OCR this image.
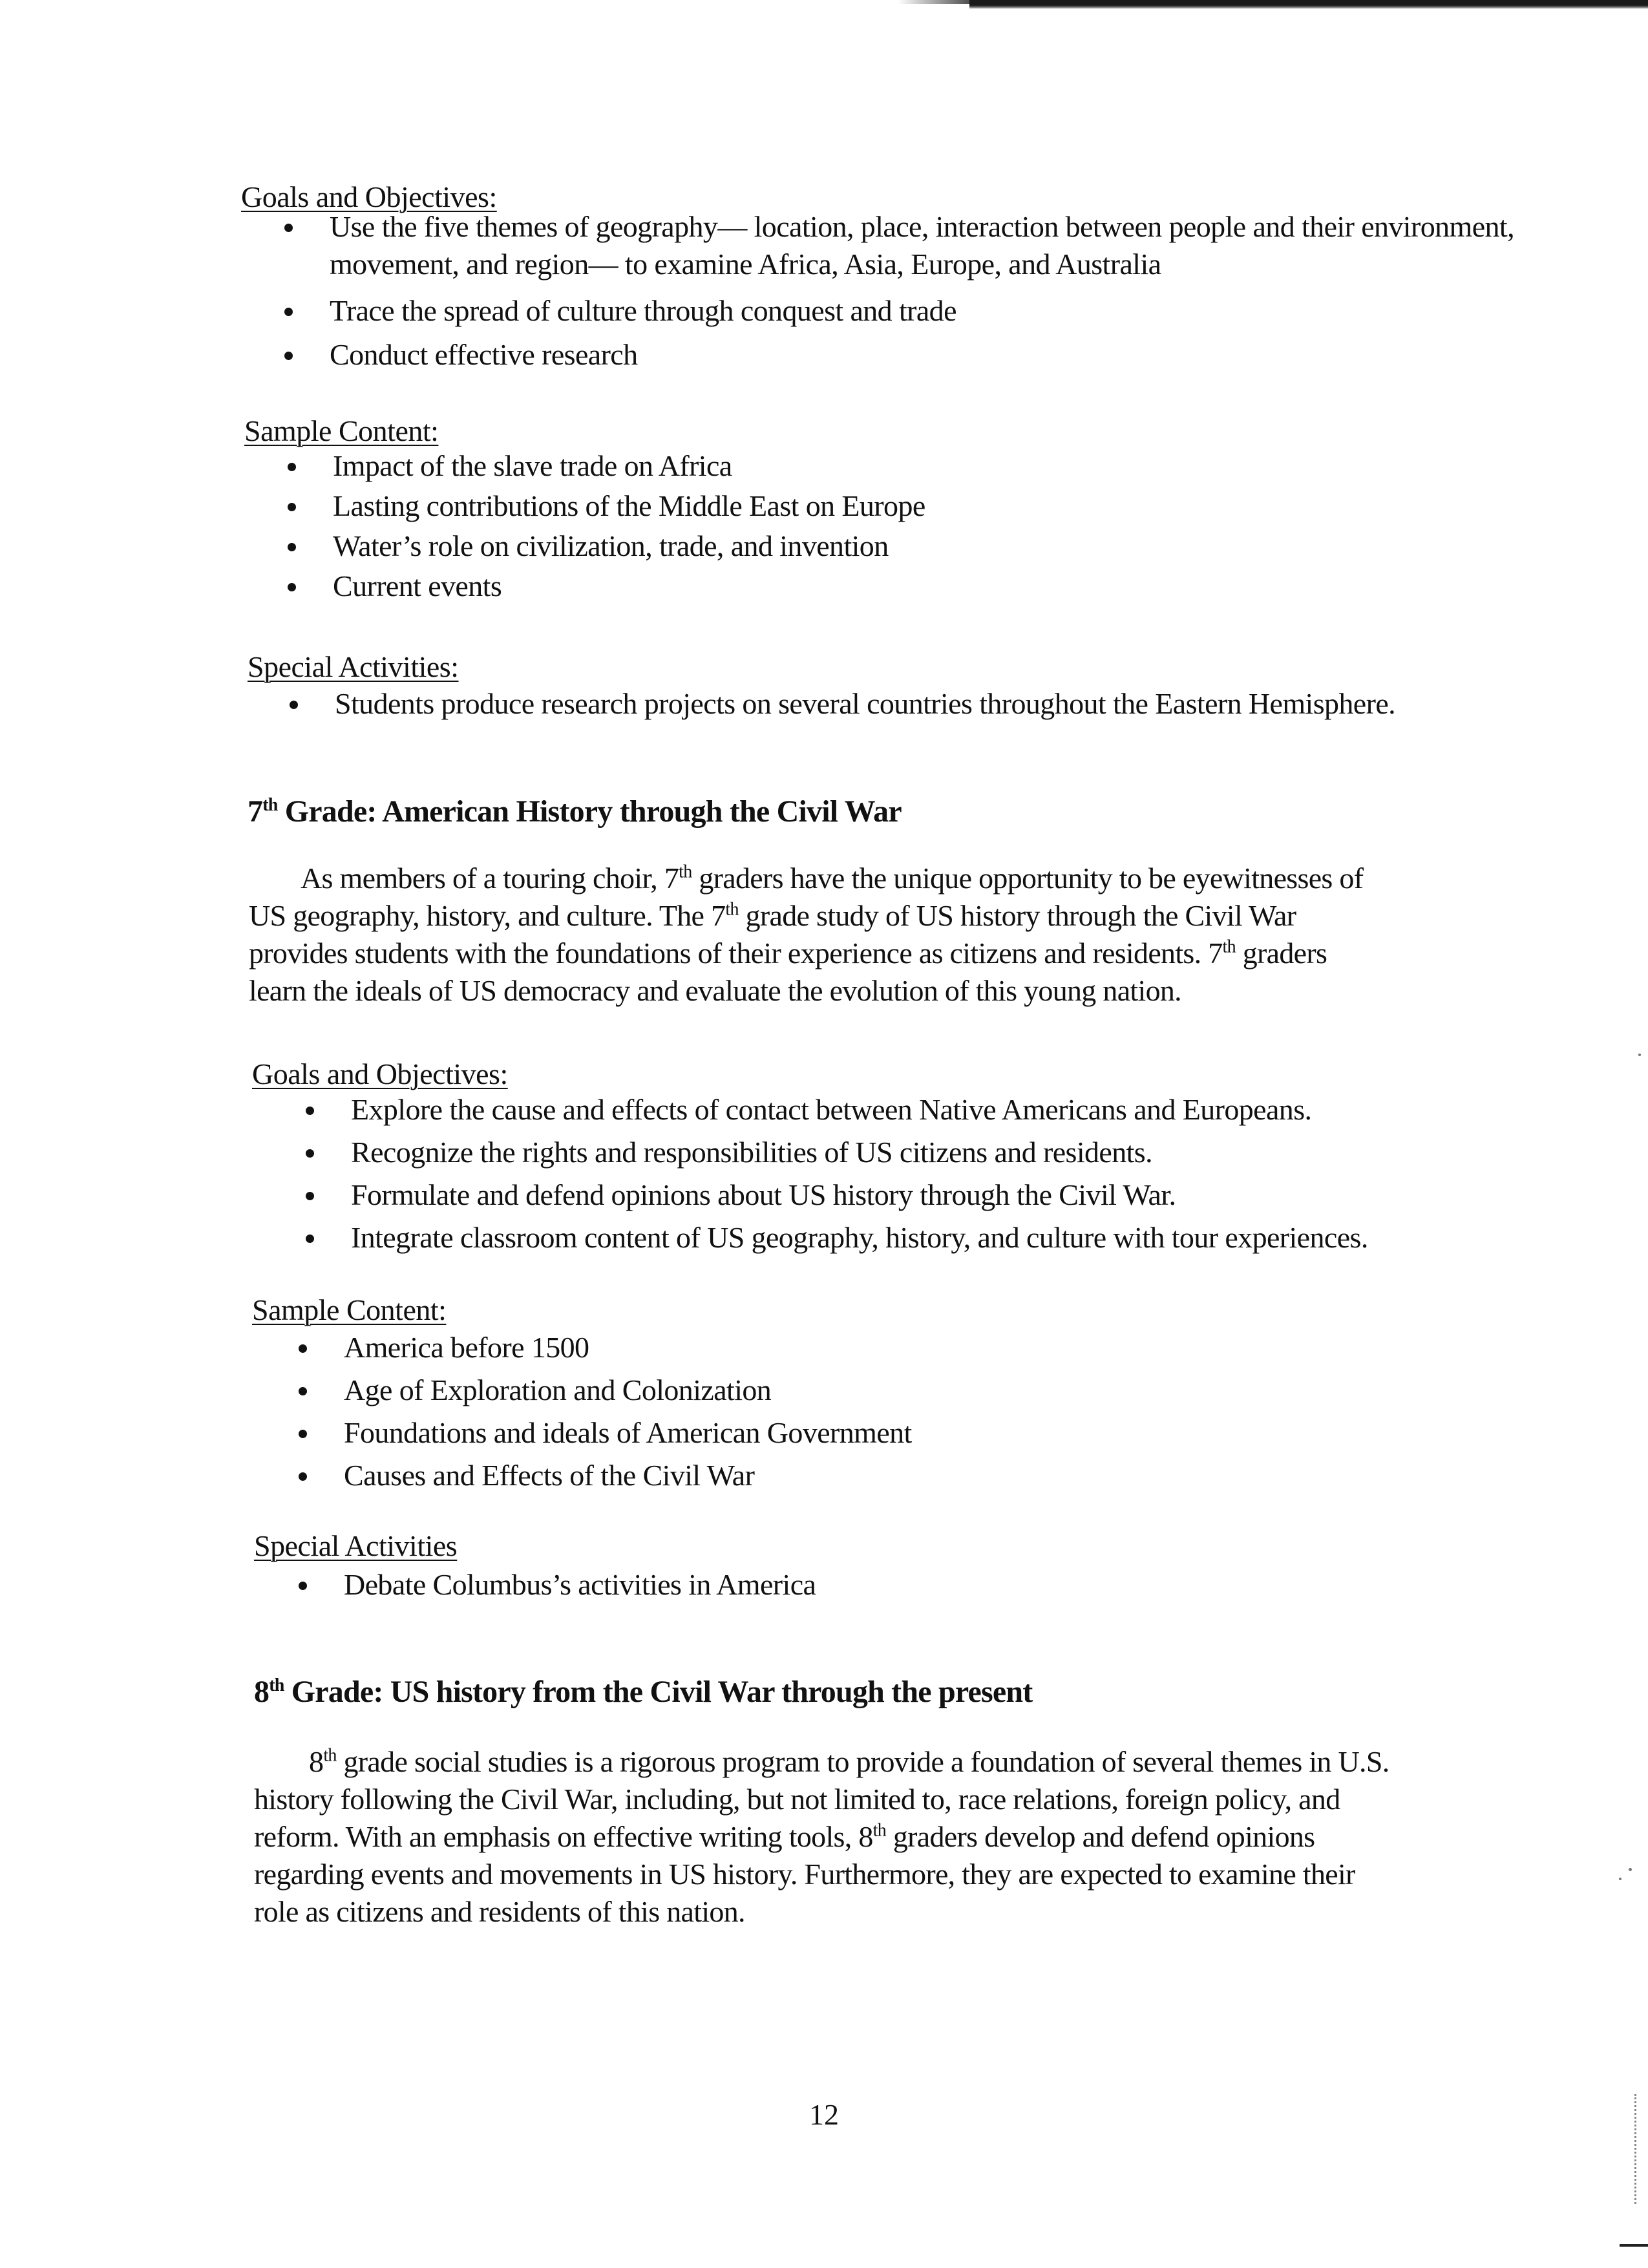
Goals and Objectives:

Use the five themes of geography— location, place, interaction between people and their environment, movement, and region— to examine Africa, Asia, Europe, and Australia
Trace the spread of culture through conquest and trade
Conduct effective research

Sample Content:

Impact of the slave trade on Africa
Lasting contributions of the Middle East on Europe
Water’s role on civilization, trade, and invention
Current events

Special Activities:

Students produce research projects on several countries throughout the Eastern Hemisphere.
7th Grade: American History through the Civil War
As members of a touring choir, 7th graders have the unique opportunity to be eyewitnesses of
US geography, history, and culture. The 7th grade study of US history through the Civil War
provides students with the foundations of their experience as citizens and residents. 7th graders
learn the ideals of US democracy and evaluate the evolution of this young nation.

Goals and Objectives:

Explore the cause and effects of contact between Native Americans and Europeans.
Recognize the rights and responsibilities of US citizens and residents.
Formulate and defend opinions about US history through the Civil War.
Integrate classroom content of US geography, history, and culture with tour experiences.

Sample Content:

America before 1500
Age of Exploration and Colonization
Foundations and ideals of American Government
Causes and Effects of the Civil War

Special Activities

Debate Columbus’s activities in America
8th Grade: US history from the Civil War through the present
8th grade social studies is a rigorous program to provide a foundation of several themes in U.S.
history following the Civil War, including, but not limited to, race relations, foreign policy, and
reform. With an emphasis on effective writing tools, 8th graders develop and defend opinions
regarding events and movements in US history. Furthermore, they are expected to examine their
role as citizens and residents of this nation.

12
